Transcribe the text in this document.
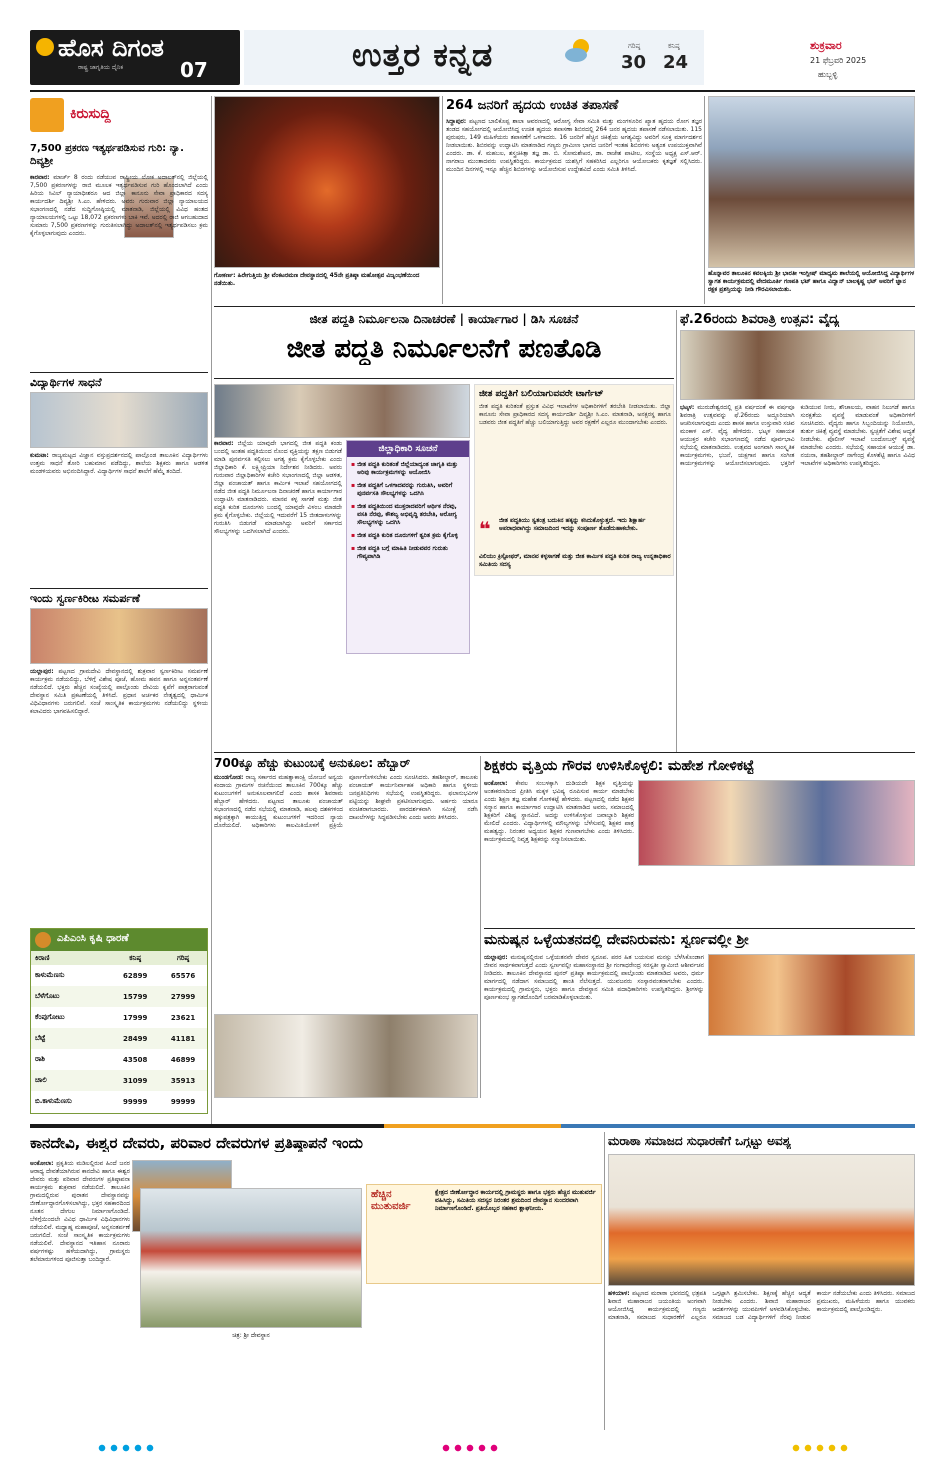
ಹೊಸ ದಿಗಂತ
ರಾಷ್ಟ್ರ ಜಾಗೃತಿಯ ದೈನಿಕ	07	ಉತ್ತರ ಕನ್ನಡ	ಗರಿಷ್ಠ
30
ಕನಿಷ್ಠ
24
ಶುಕ್ರವಾರ
21 ಫೆಬ್ರವರಿ 2025
ಹುಬ್ಬಳ್ಳಿ
ಕಿರುಸುದ್ದಿ
7,500 ಪ್ರಕರಣ ಇತ್ಯರ್ಥಪಡಿಸುವ ಗುರಿ: ನ್ಯಾ. ದಿವ್ಯಶ್ರೀ
ಕಾರವಾರ: ಮಾರ್ಚ್ 8 ರಂದು ನಡೆಯುವ ರಾಷ್ಟ್ರೀಯ ಲೋಕ ಅದಾಲತ್‌ನಲ್ಲಿ ಜಿಲ್ಲೆಯಲ್ಲಿ 7,500 ಪ್ರಕರಣಗಳನ್ನು ರಾಜಿ ಮೂಲಕ ಇತ್ಯರ್ಥಪಡಿಸುವ ಗುರಿ ಹೊಂದಲಾಗಿದೆ ಎಂದು ಹಿರಿಯ ಸಿವಿಲ್ ನ್ಯಾಯಾಧೀಶರೂ ಆದ ಜಿಲ್ಲಾ ಕಾನೂನು ಸೇವಾ ಪ್ರಾಧಿಕಾರದ ಸದಸ್ಯ ಕಾರ್ಯದರ್ಶಿ ದಿವ್ಯಶ್ರೀ ಸಿ.ಎಂ. ಹೇಳಿದರು. ಅವರು ಗುರುವಾರ ಜಿಲ್ಲಾ ನ್ಯಾಯಾಲಯದ ಸಭಾಂಗಣದಲ್ಲಿ ನಡೆದ ಸುದ್ದಿಗೋಷ್ಠಿಯಲ್ಲಿ ಮಾತನಾಡಿ, ಜಿಲ್ಲೆಯಲ್ಲಿ ವಿವಿಧ ಹಂತದ ನ್ಯಾಯಾಲಯಗಳಲ್ಲಿ ಒಟ್ಟು 18,072 ಪ್ರಕರಣಗಳು ಬಾಕಿ ಇವೆ. ಅದರಲ್ಲಿ ರಾಜಿ ಆಗಬಹುದಾದ ಸುಮಾರು 7,500 ಪ್ರಕರಣಗಳನ್ನು ಗುರುತಿಸಲಾಗಿದ್ದು ಅದಾಲತ್‌ನಲ್ಲಿ ಇತ್ಯರ್ಥಪಡಿಸಲು ಕ್ರಮ ಕೈಗೊಳ್ಳಲಾಗುವುದು ಎಂದರು.
ವಿದ್ಯಾರ್ಥಿಗಳ ಸಾಧನೆ
ಕುಮಟಾ: ರಾಜ್ಯಮಟ್ಟದ ವಿಜ್ಞಾನ ವಸ್ತುಪ್ರದರ್ಶನದಲ್ಲಿ ಪಾಲ್ಗೊಂಡ ತಾಲೂಕಿನ ವಿದ್ಯಾರ್ಥಿಗಳು ಉತ್ತಮ ಸಾಧನೆ ತೋರಿ ಬಹುಮಾನ ಪಡೆದಿದ್ದು, ಶಾಲೆಯ ಶಿಕ್ಷಕರು ಹಾಗೂ ಆಡಳಿತ ಮಂಡಳಿಯವರು ಅಭಿನಂದಿಸಿದ್ದಾರೆ. ವಿದ್ಯಾರ್ಥಿಗಳ ಸಾಧನೆ ಶಾಲೆಗೆ ಹೆಮ್ಮೆ ತಂದಿದೆ.
ಇಂದು ಸ್ವರ್ಣಕಿರೀಟ ಸಮರ್ಪಣೆ
ಯಲ್ಲಾಪುರ: ಪಟ್ಟಣದ ಗ್ರಾಮದೇವಿ ದೇವಸ್ಥಾನದಲ್ಲಿ ಶುಕ್ರವಾರ ಸ್ವರ್ಣಕಿರೀಟ ಸಮರ್ಪಣೆ ಕಾರ್ಯಕ್ರಮ ನಡೆಯಲಿದ್ದು, ಬೆಳಿಗ್ಗೆ ವಿಶೇಷ ಪೂಜೆ, ಹೋಮ ಹವನ ಹಾಗೂ ಅನ್ನಸಂತರ್ಪಣೆ ನಡೆಯಲಿದೆ. ಭಕ್ತರು ಹೆಚ್ಚಿನ ಸಂಖ್ಯೆಯಲ್ಲಿ ಪಾಲ್ಗೊಂಡು ದೇವಿಯ ಕೃಪೆಗೆ ಪಾತ್ರರಾಗುವಂತೆ ದೇವಸ್ಥಾನ ಸಮಿತಿ ಪ್ರಕಟಣೆಯಲ್ಲಿ ತಿಳಿಸಿದೆ. ಪ್ರಧಾನ ಅರ್ಚಕರ ನೇತೃತ್ವದಲ್ಲಿ ಧಾರ್ಮಿಕ ವಿಧಿವಿಧಾನಗಳು ಜರುಗಲಿವೆ. ಸಂಜೆ ಸಾಂಸ್ಕೃತಿಕ ಕಾರ್ಯಕ್ರಮಗಳು ನಡೆಯಲಿದ್ದು ಸ್ಥಳೀಯ ಕಲಾವಿದರು ಭಾಗವಹಿಸಲಿದ್ದಾರೆ.
ಎಪಿಎಂಸಿ ಕೃಷಿ ಧಾರಣೆ
ಕಿರಾಣಿ	ಕನಿಷ್ಠ	ಗರಿಷ್ಠ
ಕಾಳುಮೆಣಸು	62899	65576
ಬೆಳೆಗೊಟು	15799	27999
ಕೆಂಪುಗೋಟು	17999	23621
ಬೆಟ್ಟೆ	28499	41181
ರಾಶಿ	43508	46899
ಚಾಲಿ	31099	35913
ಬಿ.ಕಾಳುಮೆಣಸು	99999	99999
ಗೋಕರ್ಣ: ಹಿರೇಗುತ್ತಿಯ ಶ್ರೀ ವೆಂಕಟರಮಣ ದೇವಸ್ಥಾನದಲ್ಲಿ 45ನೇ ಪ್ರತಿಷ್ಠಾ ಮಹೋತ್ಸವ ವಿಜೃಂಭಣೆಯಿಂದ ನಡೆಯಿತು.
264 ಜನರಿಗೆ ಹೃದಯ ಉಚಿತ ತಪಾಸಣೆ
ಸಿದ್ದಾಪುರ: ಪಟ್ಟಣದ ಬಾಲಿಕೊಪ್ಪ ಶಾಲಾ ಆವರಣದಲ್ಲಿ ಆರೋಗ್ಯ ಸೇವಾ ಸಮಿತಿ ಮತ್ತು ಮಂಗಳೂರಿನ ಖ್ಯಾತ ಹೃದಯ ರೋಗ ತಜ್ಞರ ತಂಡದ ಸಹಯೋಗದಲ್ಲಿ ಆಯೋಜಿಸಿದ್ದ ಉಚಿತ ಹೃದಯ ತಪಾಸಣಾ ಶಿಬಿರದಲ್ಲಿ 264 ಜನರ ಹೃದಯ ತಪಾಸಣೆ ನಡೆಸಲಾಯಿತು. 115 ಪುರುಷರು, 149 ಮಹಿಳೆಯರು ತಪಾಸಣೆಗೆ ಒಳಗಾದರು. 16 ಜನರಿಗೆ ಹೆಚ್ಚಿನ ಚಿಕಿತ್ಸೆಯ ಅಗತ್ಯವಿದ್ದು ಅವರಿಗೆ ಸೂಕ್ತ ಮಾರ್ಗದರ್ಶನ ನೀಡಲಾಯಿತು. ಶಿಬಿರವನ್ನು ಉದ್ಘಾಟಿಸಿ ಮಾತನಾಡಿದ ಗಣ್ಯರು ಗ್ರಾಮೀಣ ಭಾಗದ ಜನರಿಗೆ ಇಂತಹ ಶಿಬಿರಗಳು ಅತ್ಯಂತ ಉಪಯುಕ್ತವಾಗಿವೆ ಎಂದರು. ಡಾ. ಕೆ. ಮಹಬಲ, ಶಸ್ತ್ರಚಿಕಿತ್ಸಾ ತಜ್ಞ ಡಾ. ಬಿ. ಸೋಮಶೇಖರ, ಡಾ. ರಾಜೇಶ ಪಾಟೀಲ, ಸಂಸ್ಥೆಯ ಅಧ್ಯಕ್ಷ ಎಸ್.ಆರ್. ನಾಗರಾಜ ಮುಂತಾದವರು ಉಪಸ್ಥಿತರಿದ್ದರು. ಕಾರ್ಯಕ್ರಮದ ಯಶಸ್ಸಿಗೆ ಸಹಕರಿಸಿದ ಎಲ್ಲರಿಗೂ ಆಯೋಜಕರು ಕೃತಜ್ಞತೆ ಸಲ್ಲಿಸಿದರು. ಮುಂದಿನ ದಿನಗಳಲ್ಲಿ ಇನ್ನೂ ಹೆಚ್ಚಿನ ಶಿಬಿರಗಳನ್ನು ಆಯೋಜಿಸುವ ಉದ್ದೇಶವಿದೆ ಎಂದು ಸಮಿತಿ ತಿಳಿಸಿದೆ.
ಹೊನ್ನಾವರ ತಾಲೂಕಿನ ಕವಲಕ್ಕಿಯ ಶ್ರೀ ಭಾರತೀ ಇಂಗ್ಲೀಷ್ ಮಾಧ್ಯಮ ಶಾಲೆಯಲ್ಲಿ ಆಯೋಜಿಸಿದ್ದ ವಿದ್ಯಾರ್ಥಿಗಳ ಸ್ವಾಗತ ಕಾರ್ಯಕ್ರಮದಲ್ಲಿ ವೇದಮೂರ್ತಿ ಗಣಪತಿ ಭಟ್ ಹಾಗೂ ವಿದ್ವಾನ್ ಬಾಲಕೃಷ್ಣ ಭಟ್ ಅವರಿಗೆ ಜ್ಞಾನ ರಕ್ಷಕ ಪ್ರಶಸ್ತಿಯನ್ನು ನೀಡಿ ಗೌರವಿಸಲಾಯಿತು.
ಜೀತ ಪದ್ಧತಿ ನಿರ್ಮೂಲನಾ ದಿನಾಚರಣೆ | ಕಾರ್ಯಾಗಾರ | ಡಿಸಿ ಸೂಚನೆ
ಜೀತ ಪದ್ಧತಿ ನಿರ್ಮೂಲನೆಗೆ ಪಣತೊಡಿ
ಜೀತ ಪದ್ಧತಿಗೆ ಬಲಿಯಾಗುವವರೇ ಟಾರ್ಗೆಟ್
ಜೀತ ಪದ್ಧತಿ ಕುರಿತಂತೆ ಪ್ರಸ್ತುತ ವಿವಿಧ ಇಲಾಖೆಗಳ ಅಧಿಕಾರಿಗಳಿಗೆ ತರಬೇತಿ ನೀಡಲಾಯಿತು. ಜಿಲ್ಲಾ ಕಾನೂನು ಸೇವಾ ಪ್ರಾಧಿಕಾರದ ಸದಸ್ಯ ಕಾರ್ಯದರ್ಶಿ ದಿವ್ಯಶ್ರೀ ಸಿ.ಎಂ. ಮಾತನಾಡಿ, ಅನಕ್ಷರಸ್ಥ ಹಾಗೂ ಬಡವರು ಜೀತ ಪದ್ಧತಿಗೆ ಹೆಚ್ಚು ಬಲಿಯಾಗುತ್ತಿದ್ದು ಅವರ ರಕ್ಷಣೆಗೆ ಎಲ್ಲರೂ ಮುಂದಾಗಬೇಕು ಎಂದರು.
❝ ಜೀತ ಪದ್ಧತಿಯು ಸ್ವತಂತ್ರ ಬದುಕಿನ ಹಕ್ಕನ್ನು ಕಸಿದುಕೊಳ್ಳುತ್ತದೆ. ಇದು ಶಿಕ್ಷಾರ್ಹ ಅಪರಾಧವಾಗಿದ್ದು ಸಮಾಜದಿಂದ ಇದನ್ನು ಸಂಪೂರ್ಣ ತೊಡೆದುಹಾಕಬೇಕು.
ವಿಲಿಯಂ ಕ್ರಿಸ್ಟೋಫರ್, ಮಾನವ ಕಳ್ಳಸಾಗಣೆ ಮತ್ತು ಜೀತ ಕಾರ್ಮಿಕ ಪದ್ಧತಿ ಕುರಿತ ರಾಜ್ಯ ಉನ್ನತಾಧಿಕಾರ ಸಮಿತಿಯ ಸದಸ್ಯ
ಕಾರವಾರ: ಜಿಲ್ಲೆಯ ಯಾವುದೇ ಭಾಗದಲ್ಲಿ ಜೀತ ಪದ್ಧತಿ ಕಂಡು ಬಂದಲ್ಲಿ ಅಂತಹ ಪದ್ಧತಿಯಿಂದ ನೊಂದ ವ್ಯಕ್ತಿಯನ್ನು ತಕ್ಷಣ ಬಿಡುಗಡೆ ಮಾಡಿ ಪುನರ್ವಸತಿ ಕಲ್ಪಿಸಲು ಅಗತ್ಯ ಕ್ರಮ ಕೈಗೊಳ್ಳಬೇಕು ಎಂದು ಜಿಲ್ಲಾಧಿಕಾರಿ ಕೆ. ಲಕ್ಷ್ಮೀಪ್ರಿಯಾ ನಿರ್ದೇಶನ ನೀಡಿದರು. ಅವರು ಗುರುವಾರ ಜಿಲ್ಲಾಧಿಕಾರಿಗಳ ಕಚೇರಿ ಸಭಾಂಗಣದಲ್ಲಿ ಜಿಲ್ಲಾ ಆಡಳಿತ, ಜಿಲ್ಲಾ ಪಂಚಾಯತ್ ಹಾಗೂ ಕಾರ್ಮಿಕ ಇಲಾಖೆ ಸಹಯೋಗದಲ್ಲಿ ನಡೆದ ಜೀತ ಪದ್ಧತಿ ನಿರ್ಮೂಲನಾ ದಿನಾಚರಣೆ ಹಾಗೂ ಕಾರ್ಯಾಗಾರ ಉದ್ಘಾಟಿಸಿ ಮಾತನಾಡಿದರು. ಮಾನವ ಕಳ್ಳ ಸಾಗಣೆ ಮತ್ತು ಜೀತ ಪದ್ಧತಿ ಕುರಿತ ದೂರುಗಳು ಬಂದಲ್ಲಿ ಯಾವುದೇ ವಿಳಂಬ ಮಾಡದೇ ಕ್ರಮ ಕೈಗೊಳ್ಳಬೇಕು. ಜಿಲ್ಲೆಯಲ್ಲಿ ಇದುವರೆಗೆ 15 ಜೀತದಾಳುಗಳನ್ನು ಗುರುತಿಸಿ ಬಿಡುಗಡೆ ಮಾಡಲಾಗಿದ್ದು ಅವರಿಗೆ ಸರ್ಕಾರದ ಸೌಲಭ್ಯಗಳನ್ನು ಒದಗಿಸಲಾಗಿದೆ ಎಂದರು.
ಜಿಲ್ಲಾಧಿಕಾರಿ ಸೂಚನೆ
▪ ಜೀತ ಪದ್ಧತಿ ಕುರಿತಂತೆ ಜಿಲ್ಲೆಯಾದ್ಯಂತ ಜಾಗೃತಿ ಮತ್ತು ಅರಿವು ಕಾರ್ಯಕ್ರಮಗಳನ್ನು ಆಯೋಜಿಸಿ
▪ ಜೀತ ಪದ್ಧತಿಗೆ ಒಳಗಾದವರನ್ನು ಗುರುತಿಸಿ, ಅವರಿಗೆ ಪುನರ್ವಸತಿ ಸೌಲಭ್ಯಗಳನ್ನು ಒದಗಿಸಿ
▪ ಜೀತ ಪದ್ಧತಿಯಿಂದ ಮುಕ್ತರಾದವರಿಗೆ ಆರ್ಥಿಕ ನೆರವು, ವಸತಿ ನೆರವು, ಕೌಶಲ್ಯ ಅಭಿವೃದ್ಧಿ ತರಬೇತಿ, ಆರೋಗ್ಯ ಸೌಲಭ್ಯಗಳನ್ನು ಒದಗಿಸಿ
▪ ಜೀತ ಪದ್ಧತಿ ಕುರಿತ ದೂರುಗಳಿಗೆ ತ್ವರಿತ ಕ್ರಮ ಕೈಗೊಳ್ಳಿ
▪ ಜೀತ ಪದ್ಧತಿ ಬಗ್ಗೆ ಮಾಹಿತಿ ನೀಡುವವರ ಗುರುತು ಗೌಪ್ಯವಾಗಿಡಿ
ಫೆ.26ರಂದು ಶಿವರಾತ್ರಿ ಉತ್ಸವ: ವೈದ್ಯ
ಭಟ್ಕಳ: ಮುರುಡೇಶ್ವರದಲ್ಲಿ ಪ್ರತಿ ವರ್ಷದಂತೆ ಈ ವರ್ಷವೂ ಶಿವರಾತ್ರಿ ಉತ್ಸವವನ್ನು ಫೆ.26ರಂದು ಅದ್ದೂರಿಯಾಗಿ ಆಚರಿಸಲಾಗುವುದು ಎಂದು ಶಾಸಕ ಹಾಗೂ ಉಸ್ತುವಾರಿ ಸಚಿವ ಮಂಕಾಳ ಎಸ್. ವೈದ್ಯ ಹೇಳಿದರು. ಭಟ್ಕಳ ಸಹಾಯಕ ಆಯುಕ್ತರ ಕಚೇರಿ ಸಭಾಂಗಣದಲ್ಲಿ ನಡೆದ ಪೂರ್ವಭಾವಿ ಸಭೆಯಲ್ಲಿ ಮಾತನಾಡಿದರು. ಉತ್ಸವದ ಅಂಗವಾಗಿ ಸಾಂಸ್ಕೃತಿಕ ಕಾರ್ಯಕ್ರಮಗಳು, ಭಜನೆ, ಯಕ್ಷಗಾನ ಹಾಗೂ ಸಂಗೀತ ಕಾರ್ಯಕ್ರಮಗಳನ್ನು ಆಯೋಜಿಸಲಾಗುವುದು. ಭಕ್ತರಿಗೆ ಕುಡಿಯುವ ನೀರು, ಶೌಚಾಲಯ, ವಾಹನ ನಿಲುಗಡೆ ಹಾಗೂ ಸುರಕ್ಷತೆಯ ವ್ಯವಸ್ಥೆ ಮಾಡುವಂತೆ ಅಧಿಕಾರಿಗಳಿಗೆ ಸೂಚಿಸಿದರು. ವೈದ್ಯರು ಹಾಗೂ ಸಿಬ್ಬಂದಿಯನ್ನು ನಿಯೋಜಿಸಿ, ತುರ್ತು ಚಿಕಿತ್ಸೆ ವ್ಯವಸ್ಥೆ ಮಾಡಬೇಕು. ಸ್ವಚ್ಛತೆಗೆ ವಿಶೇಷ ಆದ್ಯತೆ ನೀಡಬೇಕು. ಪೊಲೀಸ್ ಇಲಾಖೆ ಬಂದೋಬಸ್ತ್ ವ್ಯವಸ್ಥೆ ಮಾಡಬೇಕು ಎಂದರು. ಸಭೆಯಲ್ಲಿ ಸಹಾಯಕ ಆಯುಕ್ತೆ ಡಾ. ನಯನಾ, ತಹಶೀಲ್ದಾರ್ ನಾಗೇಂದ್ರ ಕೊಳಶೆಟ್ಟಿ ಹಾಗೂ ವಿವಿಧ ಇಲಾಖೆಗಳ ಅಧಿಕಾರಿಗಳು ಉಪಸ್ಥಿತರಿದ್ದರು.
700ಕ್ಕೂ ಹೆಚ್ಚು ಕುಟುಂಬಕ್ಕೆ ಅನುಕೂಲ: ಹೆಬ್ಬಾರ್
ಮುಂಡಗೋಡ: ರಾಜ್ಯ ಸರ್ಕಾರದ ಮಹತ್ವಾಕಾಂಕ್ಷಿ ಯೋಜನೆ ಅನ್ವಯ ಕಂದಾಯ ಗ್ರಾಮಗಳ ರಚನೆಯಿಂದ ತಾಲೂಕಿನ 700ಕ್ಕೂ ಹೆಚ್ಚು ಕುಟುಂಬಗಳಿಗೆ ಅನುಕೂಲವಾಗಲಿದೆ ಎಂದು ಶಾಸಕ ಶಿವರಾಮ ಹೆಬ್ಬಾರ್ ಹೇಳಿದರು. ಪಟ್ಟಣದ ತಾಲೂಕು ಪಂಚಾಯತ್ ಸಭಾಂಗಣದಲ್ಲಿ ನಡೆದ ಸಭೆಯಲ್ಲಿ ಮಾತನಾಡಿ, ಹಲವು ದಶಕಗಳಿಂದ ಹಕ್ಕುಪತ್ರಕ್ಕಾಗಿ ಕಾಯುತ್ತಿದ್ದ ಕುಟುಂಬಗಳಿಗೆ ಇದರಿಂದ ನ್ಯಾಯ ದೊರೆಯಲಿದೆ. ಅಧಿಕಾರಿಗಳು ಕಾಲಮಿತಿಯೊಳಗೆ ಪ್ರಕ್ರಿಯೆ ಪೂರ್ಣಗೊಳಿಸಬೇಕು ಎಂದು ಸೂಚಿಸಿದರು. ತಹಶೀಲ್ದಾರ್, ತಾಲೂಕು ಪಂಚಾಯತ್ ಕಾರ್ಯನಿರ್ವಾಹಕ ಅಧಿಕಾರಿ ಹಾಗೂ ಸ್ಥಳೀಯ ಜನಪ್ರತಿನಿಧಿಗಳು ಸಭೆಯಲ್ಲಿ ಉಪಸ್ಥಿತರಿದ್ದರು. ಫಲಾನುಭವಿಗಳ ಪಟ್ಟಿಯನ್ನು ಶೀಘ್ರವೇ ಪ್ರಕಟಿಸಲಾಗುವುದು. ಅರ್ಹರು ಯಾರೂ ವಂಚಿತರಾಗಬಾರದು. ಪಾರದರ್ಶಕವಾಗಿ ಸಮೀಕ್ಷೆ ನಡೆಸಿ ದಾಖಲೆಗಳನ್ನು ಸಿದ್ಧಪಡಿಸಬೇಕು ಎಂದು ಅವರು ತಿಳಿಸಿದರು.
ಶಿಕ್ಷಕರು ವೃತ್ತಿಯ ಗೌರವ ಉಳಿಸಿಕೊಳ್ಳಲಿ: ಮಹೇಶ ಗೋಳಿಕಟ್ಟೆ
ಅಂಕೋಲಾ: ಕೇವಲ ಸಂಬಳಕ್ಕಾಗಿ ದುಡಿಯದೇ ಶಿಕ್ಷಕ ವೃತ್ತಿಯನ್ನು ಅಂತಃಕರಣದಿಂದ ಪ್ರೀತಿಸಿ ಮಕ್ಕಳ ಭವಿಷ್ಯ ರೂಪಿಸುವ ಕಾರ್ಯ ಮಾಡಬೇಕು ಎಂದು ಶಿಕ್ಷಣ ತಜ್ಞ ಮಹೇಶ ಗೋಳಿಕಟ್ಟೆ ಹೇಳಿದರು. ಪಟ್ಟಣದಲ್ಲಿ ನಡೆದ ಶಿಕ್ಷಕರ ಸನ್ಮಾನ ಹಾಗೂ ಕಾರ್ಯಾಗಾರ ಉದ್ಘಾಟಿಸಿ ಮಾತನಾಡಿದ ಅವರು, ಸಮಾಜದಲ್ಲಿ ಶಿಕ್ಷಕರಿಗೆ ವಿಶಿಷ್ಟ ಸ್ಥಾನವಿದೆ. ಅದನ್ನು ಉಳಿಸಿಕೊಳ್ಳುವ ಜವಾಬ್ದಾರಿ ಶಿಕ್ಷಕರ ಮೇಲಿದೆ ಎಂದರು. ವಿದ್ಯಾರ್ಥಿಗಳಲ್ಲಿ ಮೌಲ್ಯಗಳನ್ನು ಬೆಳೆಸುವಲ್ಲಿ ಶಿಕ್ಷಕರ ಪಾತ್ರ ಮಹತ್ವದ್ದು. ನಿರಂತರ ಅಧ್ಯಯನ ಶಿಕ್ಷಕರ ಗುಣವಾಗಬೇಕು ಎಂದು ತಿಳಿಸಿದರು. ಕಾರ್ಯಕ್ರಮದಲ್ಲಿ ನಿವೃತ್ತ ಶಿಕ್ಷಕರನ್ನು ಸನ್ಮಾನಿಸಲಾಯಿತು.
ಮನುಷ್ಯನ ಒಳ್ಳೆಯತನದಲ್ಲಿ ದೇವನಿರುವನು: ಸ್ವರ್ಣವಲ್ಲೀ ಶ್ರೀ
ಯಲ್ಲಾಪುರ: ಮನುಷ್ಯನಲ್ಲಿರುವ ಒಳ್ಳೆಯತನವೇ ದೇವರ ಸ್ವರೂಪ. ಪರರ ಹಿತ ಬಯಸುವ ಮನಸ್ಸು ಬೆಳೆಸಿಕೊಂಡಾಗ ಜೀವನ ಸಾರ್ಥಕವಾಗುತ್ತದೆ ಎಂದು ಸ್ವರ್ಣವಲ್ಲೀ ಮಹಾಸಂಸ್ಥಾನದ ಶ್ರೀ ಗಂಗಾಧರೇಂದ್ರ ಸರಸ್ವತೀ ಸ್ವಾಮೀಜಿ ಆಶೀರ್ವಚನ ನೀಡಿದರು. ತಾಲೂಕಿನ ದೇವಸ್ಥಾನದ ಪುನರ್ ಪ್ರತಿಷ್ಠಾ ಕಾರ್ಯಕ್ರಮದಲ್ಲಿ ಪಾಲ್ಗೊಂಡು ಮಾತನಾಡಿದ ಅವರು, ಧರ್ಮ ಮಾರ್ಗದಲ್ಲಿ ನಡೆದಾಗ ಸಮಾಜದಲ್ಲಿ ಶಾಂತಿ ನೆಲೆಸುತ್ತದೆ. ಯುವಜನರು ಸಂಸ್ಕಾರವಂತರಾಗಬೇಕು ಎಂದರು. ಕಾರ್ಯಕ್ರಮದಲ್ಲಿ ಗ್ರಾಮಸ್ಥರು, ಭಕ್ತರು ಹಾಗೂ ದೇವಸ್ಥಾನ ಸಮಿತಿ ಪದಾಧಿಕಾರಿಗಳು ಉಪಸ್ಥಿತರಿದ್ದರು. ಶ್ರೀಗಳನ್ನು ಪೂರ್ಣಕುಂಭ ಸ್ವಾಗತದೊಂದಿಗೆ ಬರಮಾಡಿಕೊಳ್ಳಲಾಯಿತು.
ಕಾನದೇವಿ, ಈಶ್ವರ ದೇವರು, ಪರಿವಾರ ದೇವರುಗಳ ಪ್ರತಿಷ್ಠಾಪನೆ ಇಂದು
ಅಂಕೋಲಾ: ಪ್ರಕೃತಿಯ ಮಡಿಲಲ್ಲಿರುವ ಹಿಂದೆ ಜನರ ಆರಾಧ್ಯ ದೇವತೆಯಾಗಿರುವ ಕಾನದೇವಿ ಹಾಗೂ ಈಶ್ವರ ದೇವರು ಮತ್ತು ಪರಿವಾರ ದೇವರುಗಳ ಪ್ರತಿಷ್ಠಾಪನಾ ಕಾರ್ಯಕ್ರಮ ಶುಕ್ರವಾರ ನಡೆಯಲಿದೆ. ತಾಲೂಕಿನ ಗ್ರಾಮದಲ್ಲಿರುವ ಪುರಾತನ ದೇವಸ್ಥಾನವನ್ನು ಜೀರ್ಣೋದ್ಧಾರಗೊಳಿಸಲಾಗಿದ್ದು, ಭಕ್ತರ ಸಹಕಾರದಿಂದ ನೂತನ ದೇಗುಲ ನಿರ್ಮಾಣಗೊಂಡಿದೆ. ಬೆಳಿಗ್ಗೆಯಿಂದಲೇ ವಿವಿಧ ಧಾರ್ಮಿಕ ವಿಧಿವಿಧಾನಗಳು ನಡೆಯಲಿವೆ. ಮಧ್ಯಾಹ್ನ ಮಹಾಪೂಜೆ, ಅನ್ನಸಂತರ್ಪಣೆ ಜರುಗಲಿದೆ. ಸಂಜೆ ಸಾಂಸ್ಕೃತಿಕ ಕಾರ್ಯಕ್ರಮಗಳು ನಡೆಯಲಿವೆ. ದೇವಸ್ಥಾನದ ಇತಿಹಾಸ ನೂರಾರು ವರ್ಷಗಳಷ್ಟು ಹಳೆಯದಾಗಿದ್ದು, ಗ್ರಾಮಸ್ಥರು ತಲೆಮಾರುಗಳಿಂದ ಪೂಜಿಸುತ್ತಾ ಬಂದಿದ್ದಾರೆ.
ಚಿತ್ರ: ಶ್ರೀ ದೇವಸ್ಥಾನ
ಹೆಚ್ಚಿನ ಮುತುವರ್ಜಿ
ಕ್ಷೇತ್ರದ ಜೀರ್ಣೋದ್ಧಾರ ಕಾರ್ಯದಲ್ಲಿ ಗ್ರಾಮಸ್ಥರು ಹಾಗೂ ಭಕ್ತರು ಹೆಚ್ಚಿನ ಮುತುವರ್ಜಿ ವಹಿಸಿದ್ದು, ಸಮಿತಿಯ ಸದಸ್ಯರ ನಿರಂತರ ಶ್ರಮದಿಂದ ದೇವಸ್ಥಾನ ಸುಂದರವಾಗಿ ನಿರ್ಮಾಣಗೊಂಡಿದೆ. ಪ್ರತಿಯೊಬ್ಬರ ಸಹಕಾರ ಶ್ಲಾಘನೀಯ.
ಮರಾಠಾ ಸಮಾಜದ ಸುಧಾರಣೆಗೆ ಒಗ್ಗಟ್ಟು ಅವಶ್ಯ
ಹಳಿಯಾಳ: ಪಟ್ಟಣದ ಮರಾಠಾ ಭವನದಲ್ಲಿ ಛತ್ರಪತಿ ಶಿವಾಜಿ ಮಹಾರಾಜರ ಜಯಂತಿಯ ಅಂಗವಾಗಿ ಆಯೋಜಿಸಿದ್ದ ಕಾರ್ಯಕ್ರಮದಲ್ಲಿ ಗಣ್ಯರು ಮಾತನಾಡಿ, ಸಮಾಜದ ಸುಧಾರಣೆಗೆ ಎಲ್ಲರೂ ಒಗ್ಗಟ್ಟಾಗಿ ಶ್ರಮಿಸಬೇಕು. ಶಿಕ್ಷಣಕ್ಕೆ ಹೆಚ್ಚಿನ ಆದ್ಯತೆ ನೀಡಬೇಕು ಎಂದರು. ಶಿವಾಜಿ ಮಹಾರಾಜರ ಆದರ್ಶಗಳನ್ನು ಯುವಪೀಳಿಗೆ ಅಳವಡಿಸಿಕೊಳ್ಳಬೇಕು. ಸಮಾಜದ ಬಡ ವಿದ್ಯಾರ್ಥಿಗಳಿಗೆ ನೆರವು ನೀಡುವ ಕಾರ್ಯ ನಡೆಯಬೇಕು ಎಂದು ತಿಳಿಸಿದರು. ಸಮಾಜದ ಪ್ರಮುಖರು, ಮಹಿಳೆಯರು ಹಾಗೂ ಯುವಕರು ಕಾರ್ಯಕ್ರಮದಲ್ಲಿ ಪಾಲ್ಗೊಂಡಿದ್ದರು.
